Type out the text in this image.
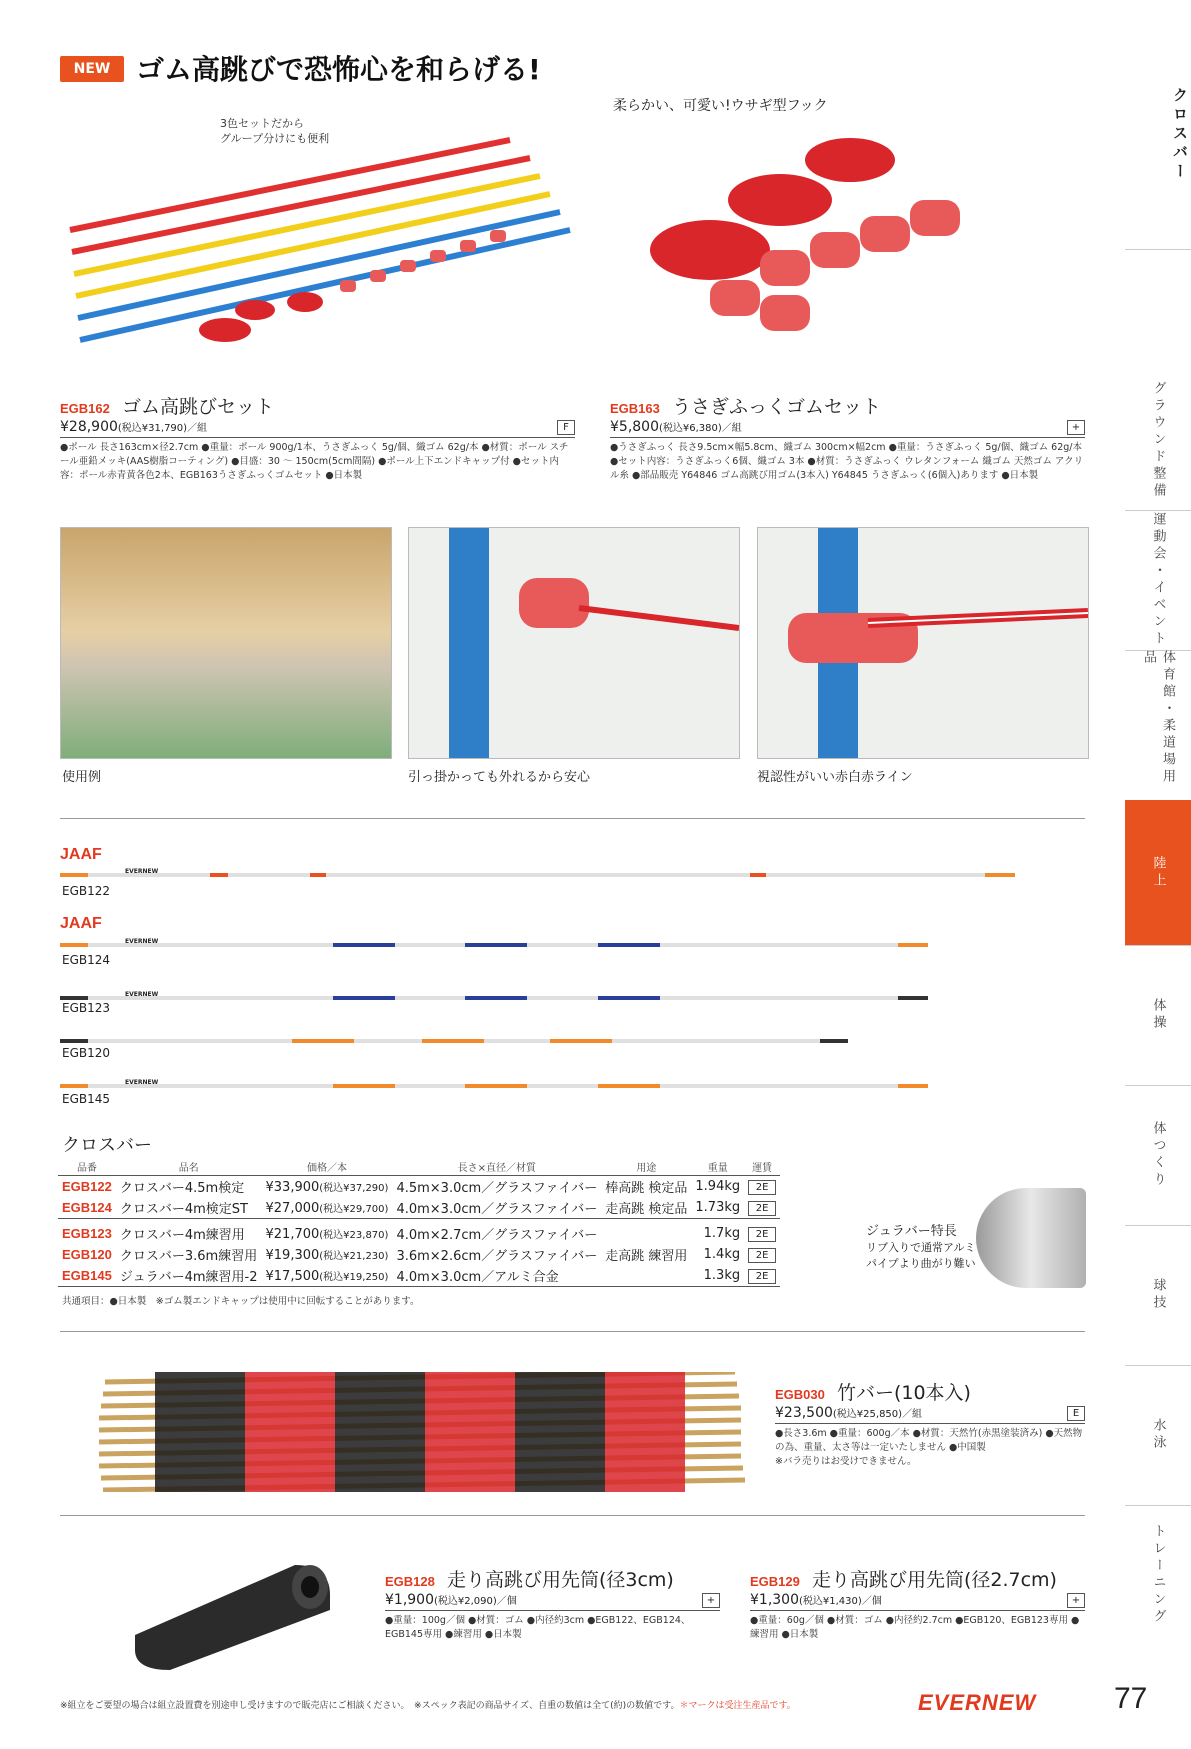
クロスバー
グラウンド整備
運動会・イベント
体育館・柔道場用品
陸上
体操
体つくり
球技
水泳
トレーニング
NEW ゴム高跳びで恐怖心を和らげる!
3色セットだから
グループ分けにも便利
柔らかい、可愛い!ウサギ型フック
EGB162 ゴム高跳びセット
¥28,900(税込¥31,790)／組	F
●ポール 長さ163cm×径2.7cm ●重量：ポール 900g/1本、うさぎふっく 5g/個、織ゴム 62g/本 ●材質：ポール スチール亜鉛メッキ(AAS樹脂コーティング) ●目盛：30 ～ 150cm(5cm間隔) ●ポール上下エンドキャップ付 ●セット内容：ポール赤青黄各色2本、EGB163うさぎふっくゴムセット ●日本製
EGB163 うさぎふっくゴムセット
¥5,800(税込¥6,380)／組	+
●うさぎふっく 長さ9.5cm×幅5.8cm、織ゴム 300cm×幅2cm ●重量：うさぎふっく 5g/個、織ゴム 62g/本 ●セット内容：うさぎふっく6個、織ゴム 3本 ●材質：うさぎふっく ウレタンフォーム 織ゴム 天然ゴム アクリル糸 ●部品販売 Y64846 ゴム高跳び用ゴム(3本入) Y64845 うさぎふっく(6個入)あります ●日本製
使用例	引っ掛かっても外れるから安心	視認性がいい赤白赤ライン
JAAF
EVERNEW
EGB122
JAAF
EVERNEW
EGB124
EVERNEW
EGB123
EGB120
EVERNEW
EGB145
クロスバー
品番	品名	価格／本	長さ×直径／材質	用途	重量	運賃
EGB122	クロスバー4.5m検定	¥33,900(税込¥37,290)	4.5m×3.0cm／グラスファイバー	棒高跳 検定品	1.94kg	2E
EGB124	クロスバー4m検定ST	¥27,000(税込¥29,700)	4.0m×3.0cm／グラスファイバー	走高跳 検定品	1.73kg	2E
EGB123	クロスバー4m練習用	¥21,700(税込¥23,870)	4.0m×2.7cm／グラスファイバー		1.7kg	2E
EGB120	クロスバー3.6m練習用	¥19,300(税込¥21,230)	3.6m×2.6cm／グラスファイバー	走高跳 練習用	1.4kg	2E
EGB145	ジュラバー4m練習用-2	¥17,500(税込¥19,250)	4.0m×3.0cm／アルミ合金		1.3kg	2E
共通項目：●日本製　※ゴム製エンドキャップは使用中に回転することがあります。
ジュラバー特長
リブ入りで通常アルミパイプより曲がり難い
EGB030 竹バー(10本入)
¥23,500(税込¥25,850)／組	E
●長さ3.6m ●重量：600g／本 ●材質：天然竹(赤黒塗装済み) ●天然物の為、重量、太さ等は一定いたしません ●中国製
※バラ売りはお受けできません。
EGB128 走り高跳び用先筒(径3cm)
¥1,900(税込¥2,090)／個	+
●重量：100g／個 ●材質：ゴム ●内径約3cm ●EGB122、EGB124、EGB145専用 ●練習用 ●日本製
EGB129 走り高跳び用先筒(径2.7cm)
¥1,300(税込¥1,430)／個	+
●重量：60g／個 ●材質：ゴム ●内径約2.7cm ●EGB120、EGB123専用 ●練習用 ●日本製
※組立をご要望の場合は組立設置費を別途申し受けますので販売店にご相談ください。　※スペック表記の商品サイズ、自重の数値は全て(約)の数値です。＊マークは受注生産品です。	EVERNEW	77
